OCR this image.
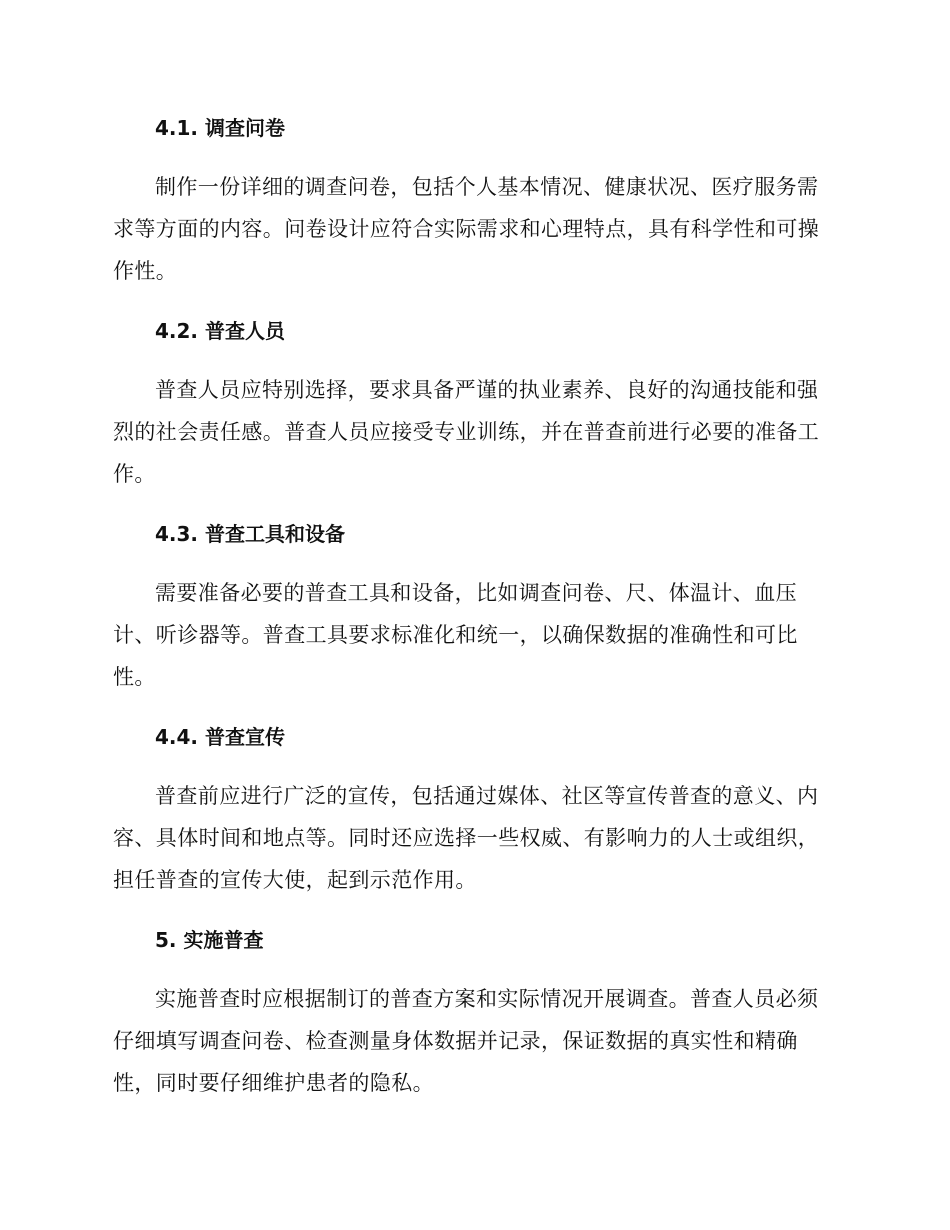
4.1. 调查问卷

制作一份详细的调查问卷，包括个人基本情况、健康状况、医疗服务需求等方面的内容。问卷设计应符合实际需求和心理特点，具有科学性和可操作性。

4.2. 普查人员

普查人员应特别选择，要求具备严谨的执业素养、良好的沟通技能和强烈的社会责任感。普查人员应接受专业训练，并在普查前进行必要的准备工作。

4.3. 普查工具和设备

需要准备必要的普查工具和设备，比如调查问卷、尺、体温计、血压计、听诊器等。普查工具要求标准化和统一，以确保数据的准确性和可比性。

4.4. 普查宣传

普查前应进行广泛的宣传，包括通过媒体、社区等宣传普查的意义、内容、具体时间和地点等。同时还应选择一些权威、有影响力的人士或组织，担任普查的宣传大使，起到示范作用。

5. 实施普查

实施普查时应根据制订的普查方案和实际情况开展调查。普查人员必须仔细填写调查问卷、检查测量身体数据并记录，保证数据的真实性和精确性，同时要仔细维护患者的隐私。
